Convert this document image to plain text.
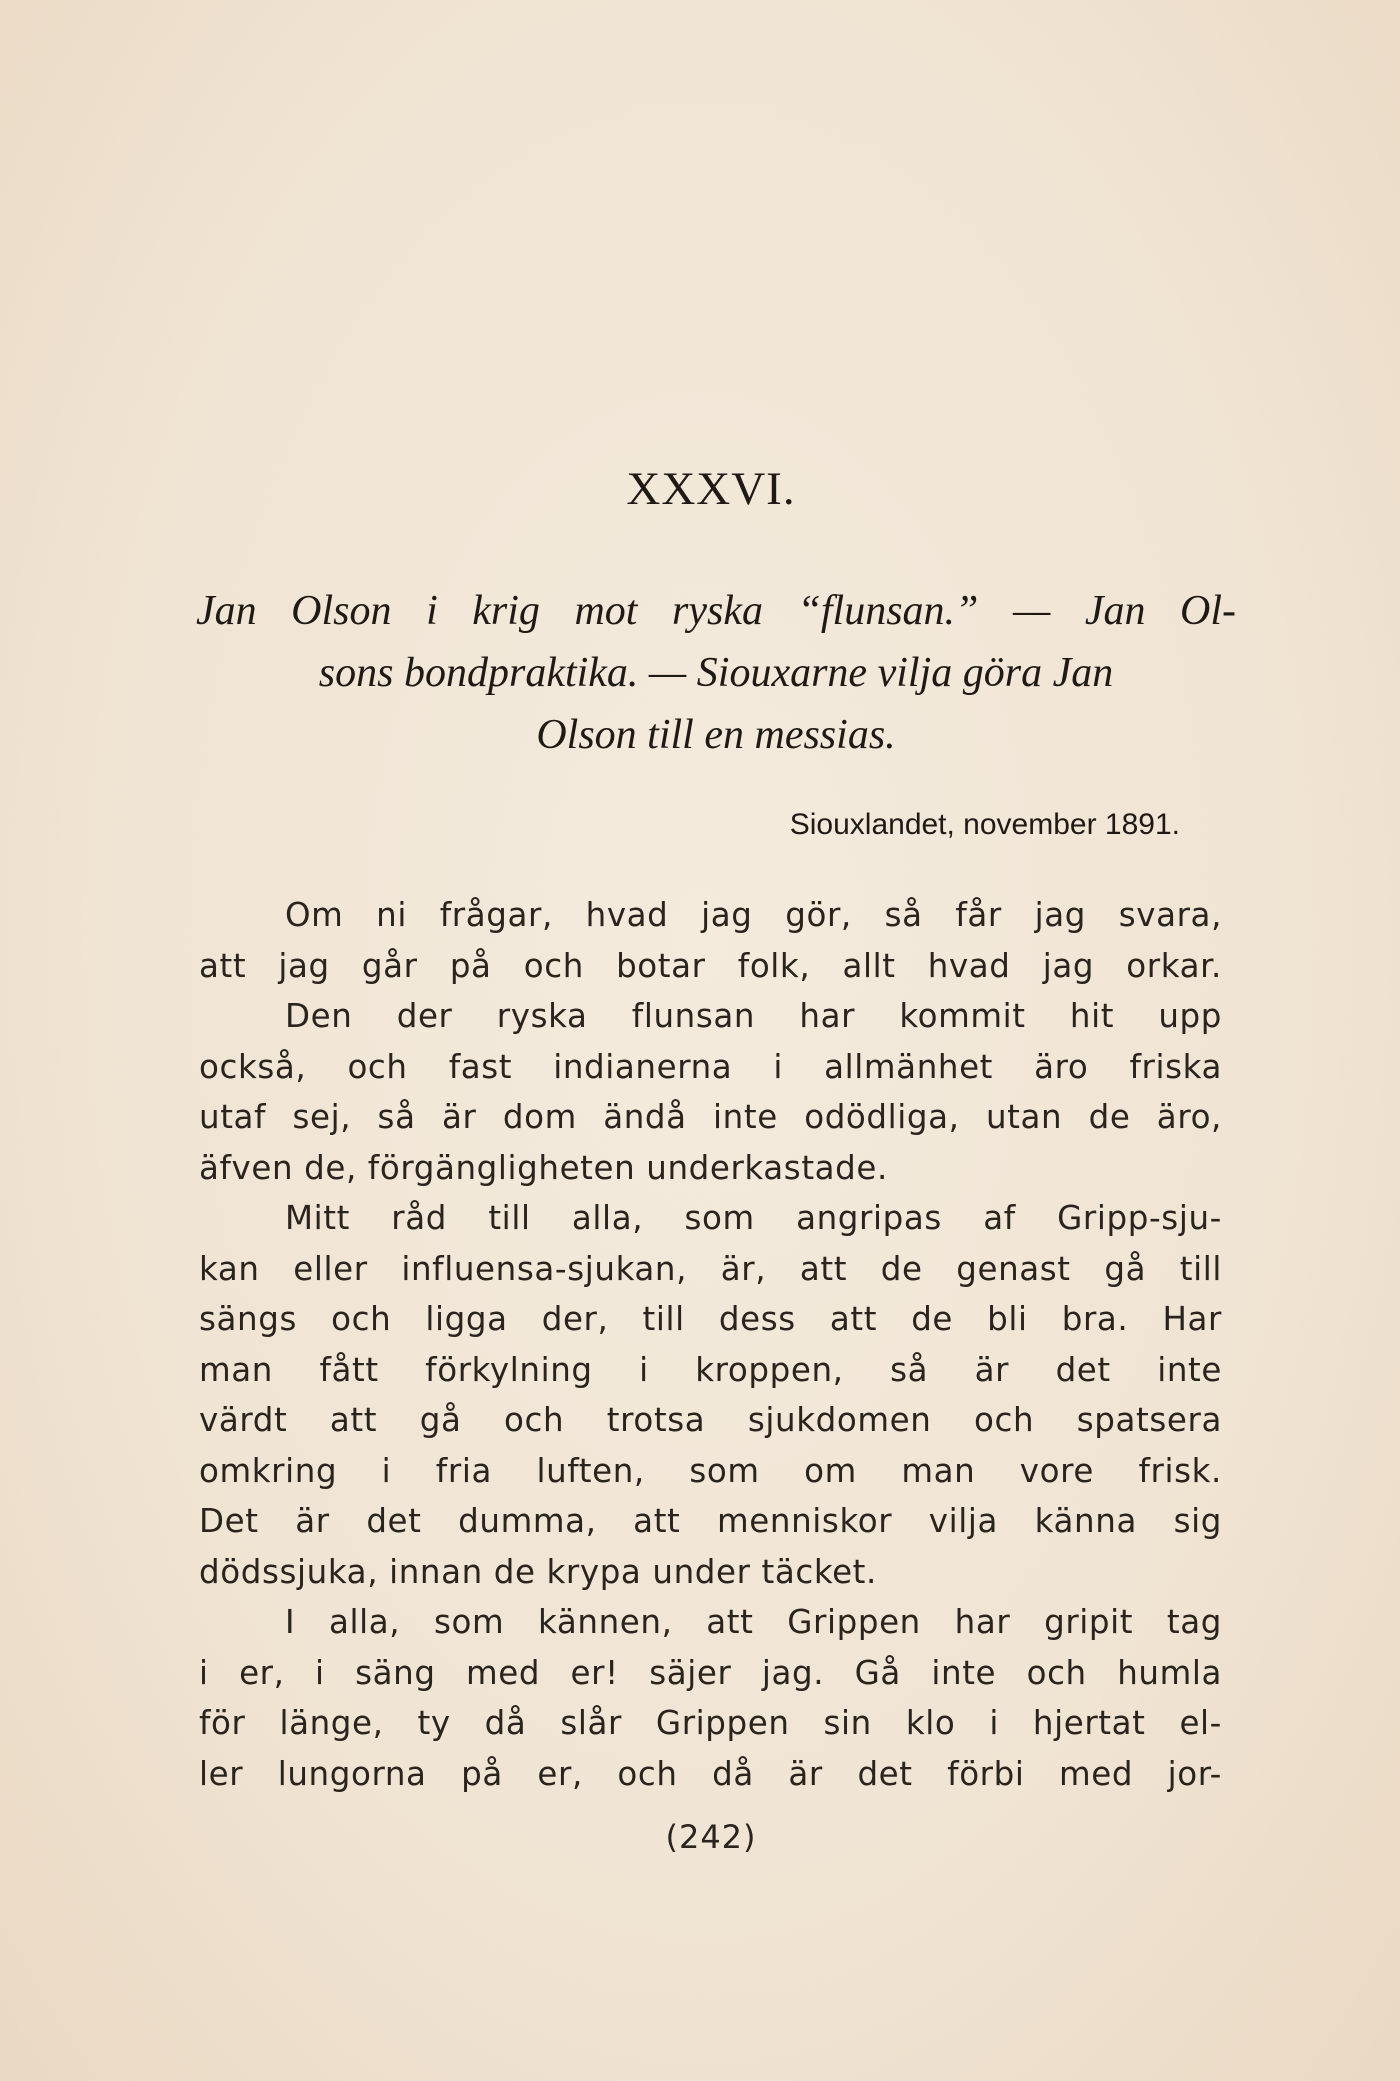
XXXVI.
Jan Olson i krig mot ryska “flunsan.” — Jan Ol-
sons bondpraktika. — Siouxarne vilja göra Jan
Olson till en messias.
Siouxlandet, november 1891.
Om ni frågar, hvad jag gör, så får jag svara,
att jag går på och botar folk, allt hvad jag orkar.
Den der ryska flunsan har kommit hit upp
också, och fast indianerna i allmänhet äro friska
utaf sej, så är dom ändå inte odödliga, utan de äro,
äfven de, förgängligheten underkastade.
Mitt råd till alla, som angripas af Gripp-sju-
kan eller influensa-sjukan, är, att de genast gå till
sängs och ligga der, till dess att de bli bra. Har
man fått förkylning i kroppen, så är det inte
värdt att gå och trotsa sjukdomen och spatsera
omkring i fria luften, som om man vore frisk.
Det är det dumma, att menniskor vilja känna sig
dödssjuka, innan de krypa under täcket.
I alla, som kännen, att Grippen har gripit tag
i er, i säng med er! säjer jag. Gå inte och humla
för länge, ty då slår Grippen sin klo i hjertat el-
ler lungorna på er, och då är det förbi med jor-
(242)
